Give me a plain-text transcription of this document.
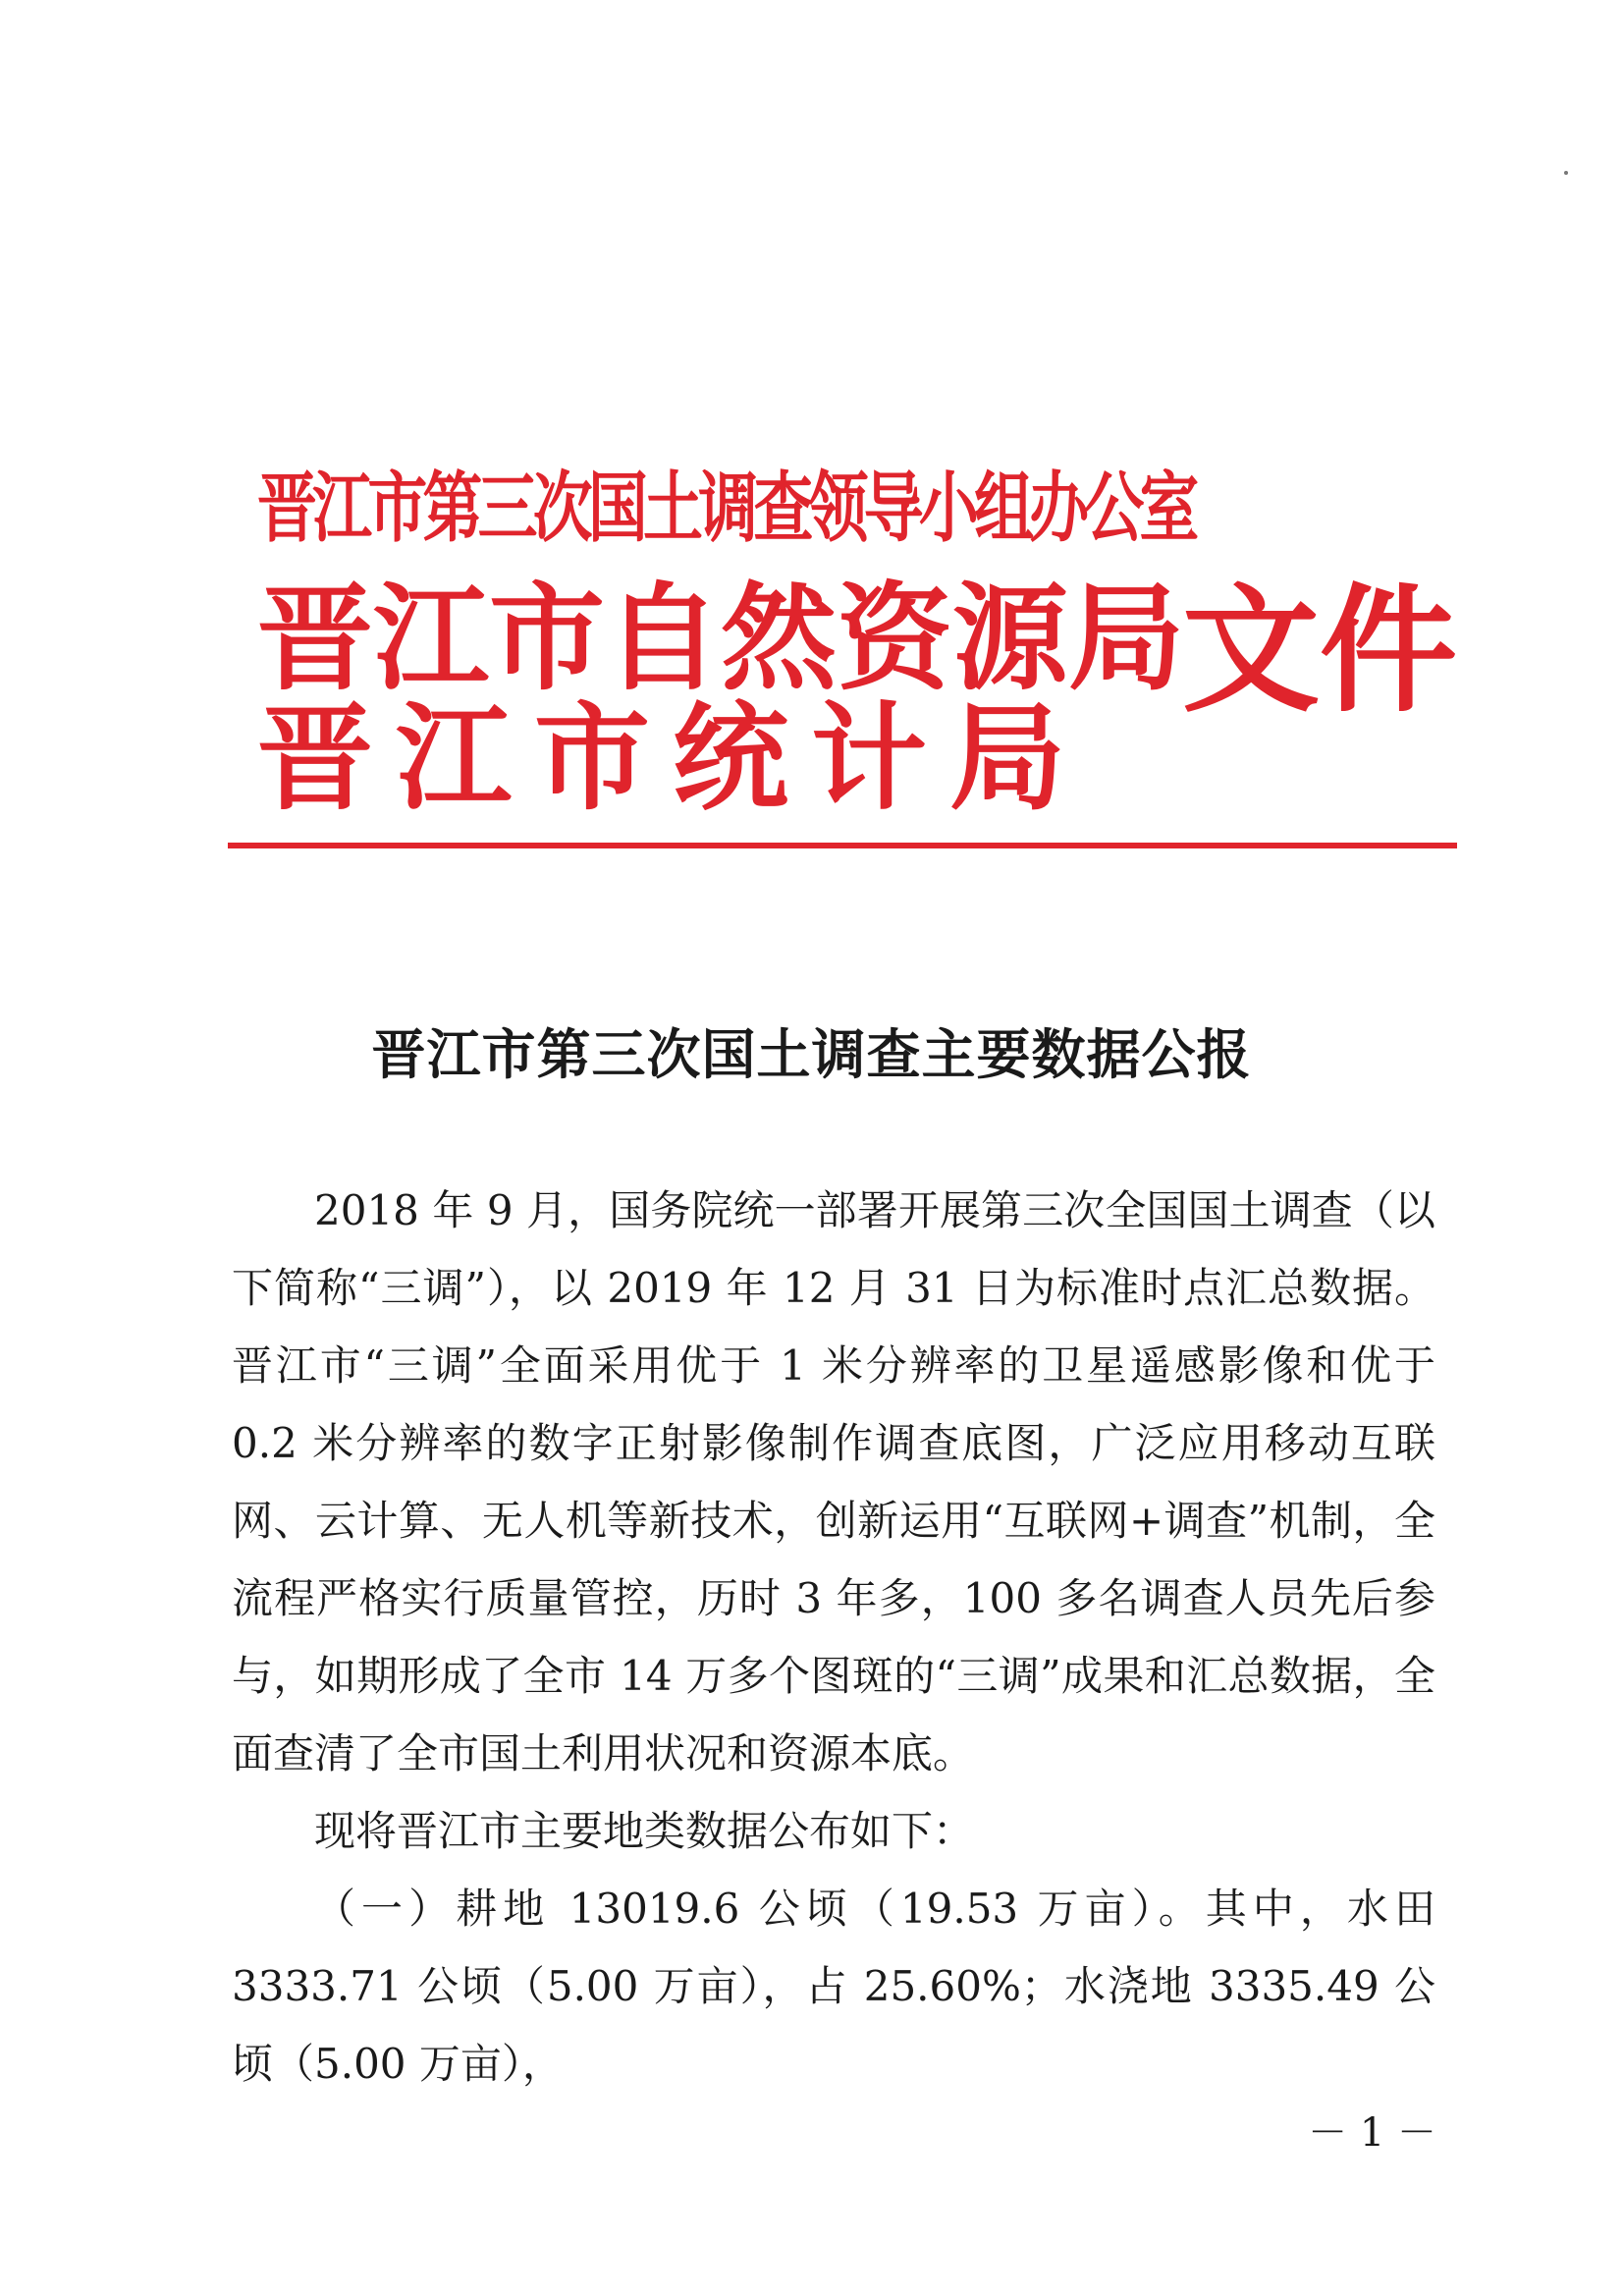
晋江市第三次国土调查领导小组办公室
晋江市自然资源局
晋江市统计局
文件
晋江市第三次国土调查主要数据公报

2018 年 9 月，国务院统一部署开展第三次全国国土调查（以下简称“三调”），以 2019 年 12 月 31 日为标准时点汇总数据。晋江市“三调”全面采用优于 1 米分辨率的卫星遥感影像和优于 0.2 米分辨率的数字正射影像制作调查底图，广泛应用移动互联网、云计算、无人机等新技术，创新运用“互联网+调查”机制，全流程严格实行质量管控，历时 3 年多，100 多名调查人员先后参与，如期形成了全市 14 万多个图斑的“三调”成果和汇总数据，全面查清了全市国土利用状况和资源本底。

现将晋江市主要地类数据公布如下：

（一）耕地 13019.6 公顷（19.53 万亩）。其中，水田 3333.71 公顷（5.00 万亩），占 25.60%；水浇地 3335.49 公顷（5.00 万亩），

－ 1 －
